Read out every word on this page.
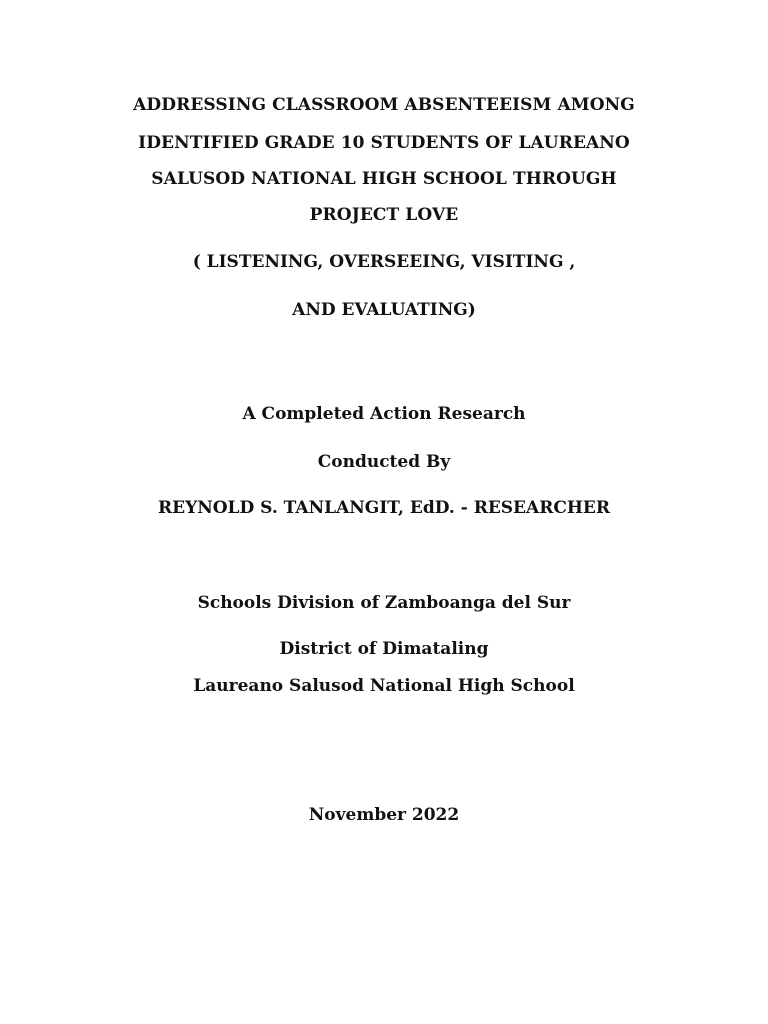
ADDRESSING CLASSROOM ABSENTEEISM AMONG
IDENTIFIED GRADE 10 STUDENTS OF LAUREANO
SALUSOD NATIONAL HIGH SCHOOL THROUGH
PROJECT LOVE
( LISTENING, OVERSEEING, VISITING ,
AND EVALUATING)
A Completed Action Research
Conducted By
REYNOLD S. TANLANGIT, EdD. - RESEARCHER
Schools Division of Zamboanga del Sur
District of Dimataling
Laureano Salusod National High School
November 2022
